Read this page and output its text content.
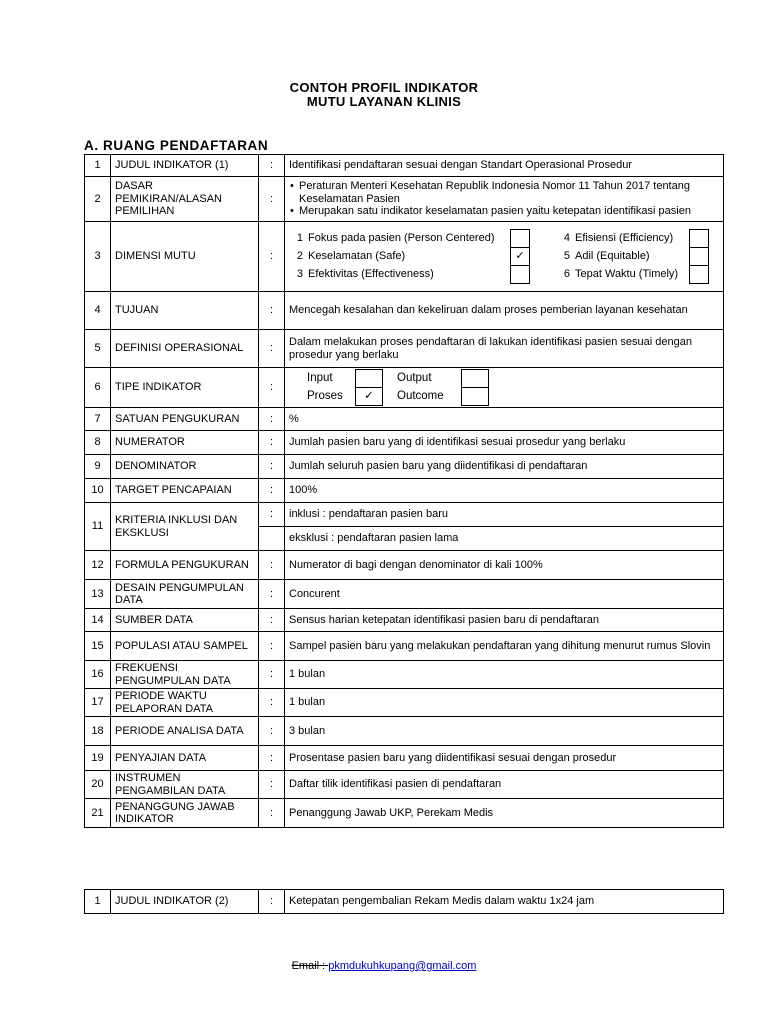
CONTOH PROFIL INDIKATOR
MUTU LAYANAN KLINIS
A. RUANG PENDAFTARAN
1	JUDUL INDIKATOR (1)	:	Identifikasi pendaftaran sesuai dengan Standart Operasional Prosedur
2	DASAR PEMIKIRAN/ALASAN PEMILIHAN	:	
• Peraturan Menteri Kesehatan Republik Indonesia Nomor 11 Tahun 2017 tentang Keselamatan Pasien
• Merupakan satu indikator keselamatan pasien yaitu ketepatan identifikasi pasien

3	DIMENSI MUTU	:	
1	Fokus pada pasien (Person Centered)			4	Efisiensi (Efficiency)	
2	Keselamatan (Safe)	✓		5	Adil (Equitable)	
3	Efektivitas (Effectiveness)			6	Tepat Waktu (Timely)	

4	TUJUAN	:	Mencegah kesalahan dan kekeliruan dalam proses pemberian layanan kesehatan
5	DEFINISI OPERASIONAL	:	Dalam melakukan proses pendaftaran di lakukan identifikasi pasien sesuai dengan prosedur yang berlaku
6	TIPE INDIKATOR	:	
Input		Output	
Proses	✓	Outcome	

7	SATUAN PENGUKURAN	:	%
8	NUMERATOR	:	Jumlah pasien baru yang di identifikasi sesuai prosedur yang berlaku
9	DENOMINATOR	:	Jumlah seluruh pasien baru yang diidentifikasi di pendaftaran
10	TARGET PENCAPAIAN	:	100%
11	KRITERIA INKLUSI DAN EKSKLUSI	:	inklusi : pendaftaran pasien baru
	eksklusi : pendaftaran pasien lama
12	FORMULA PENGUKURAN	:	Numerator di bagi dengan denominator di kali 100%
13	DESAIN PENGUMPULAN DATA	:	Concurent
14	SUMBER DATA	:	Sensus harian ketepatan identifikasi pasien baru di pendaftaran
15	POPULASI ATAU SAMPEL	:	Sampel pasien baru yang melakukan pendaftaran yang dihitung menurut rumus Slovin
16	FREKUENSI PENGUMPULAN DATA	:	1 bulan
17	PERIODE WAKTU PELAPORAN DATA	:	1 bulan
18	PERIODE ANALISA DATA	:	3 bulan
19	PENYAJIAN DATA	:	Prosentase pasien baru yang diidentifikasi sesuai dengan prosedur
20	INSTRUMEN PENGAMBILAN DATA	:	Daftar tilik identifikasi pasien di pendaftaran
21	PENANGGUNG JAWAB INDIKATOR	:	Penanggung Jawab UKP, Perekam Medis
1	JUDUL INDIKATOR (2)	:	Ketepatan pengembalian Rekam Medis dalam waktu 1x24 jam
Email : pkmdukuhkupang@gmail.com
